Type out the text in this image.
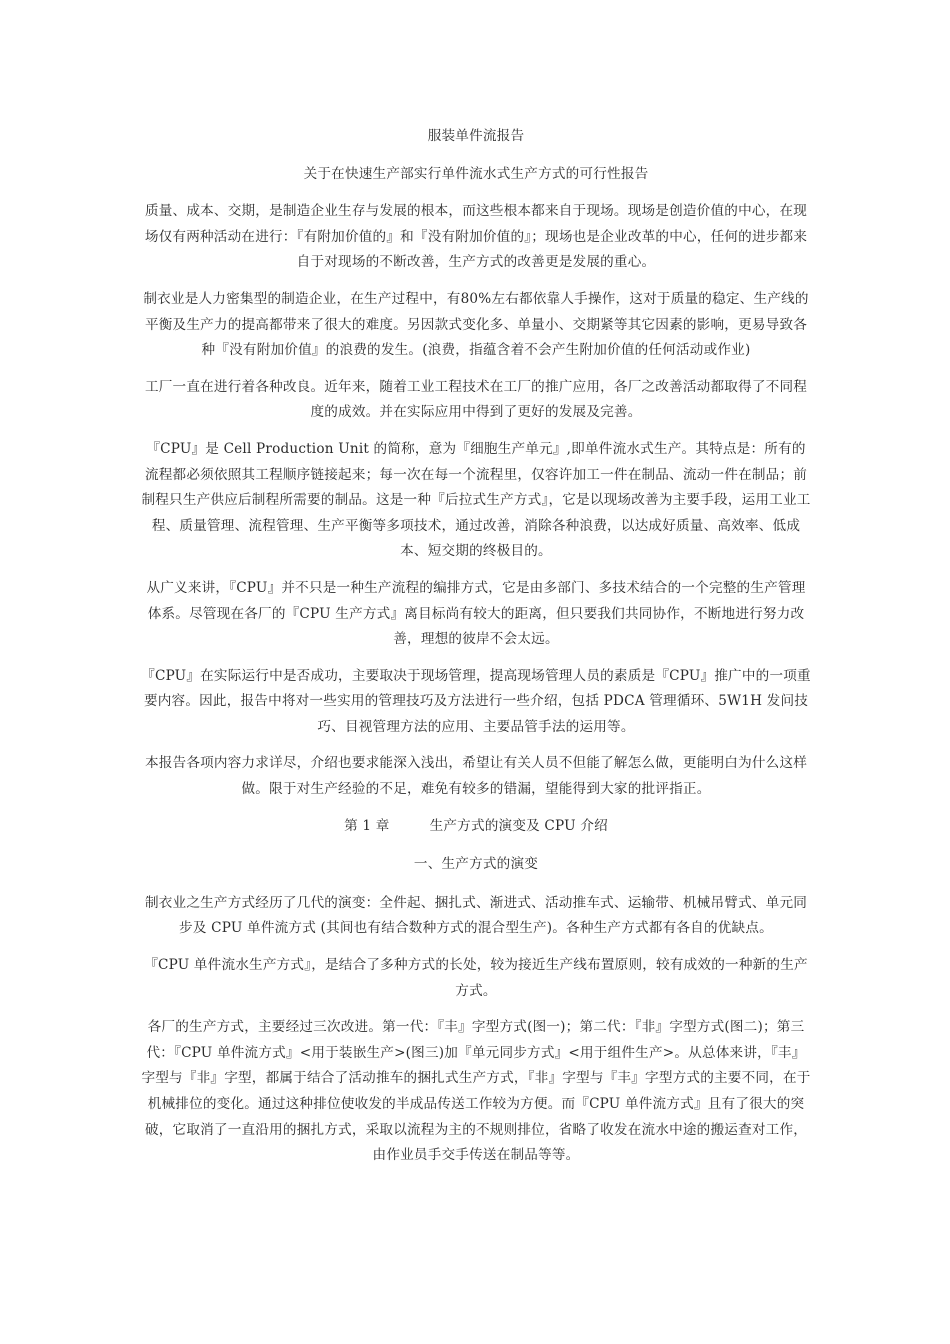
服装单件流报告
关于在快速生产部实行单件流水式生产方式的可行性报告
质量、成本、交期，是制造企业生存与发展的根本，而这些根本都来自于现场。现场是创造价值的中心，在现场仅有两种活动在进行：『有附加价值的』和『没有附加价值的』；现场也是企业改革的中心，任何的进步都来自于对现场的不断改善，生产方式的改善更是发展的重心。
制衣业是人力密集型的制造企业，在生产过程中，有80%左右都依靠人手操作，这对于质量的稳定、生产线的平衡及生产力的提高都带来了很大的难度。另因款式变化多、单量小、交期紧等其它因素的影响，更易导致各种『没有附加价值』的浪费的发生。(浪费，指蕴含着不会产生附加价值的任何活动或作业)
工厂一直在进行着各种改良。近年来，随着工业工程技术在工厂的推广应用，各厂之改善活动都取得了不同程度的成效。并在实际应用中得到了更好的发展及完善。
『CPU』是 Cell Production Unit 的简称，意为『细胞生产单元』,即单件流水式生产。其特点是：所有的流程都必须依照其工程顺序链接起来；每一次在每一个流程里，仅容许加工一件在制品、流动一件在制品；前制程只生产供应后制程所需要的制品。这是一种『后拉式生产方式』，它是以现场改善为主要手段，运用工业工程、质量管理、流程管理、生产平衡等多项技术，通过改善，消除各种浪费，以达成好质量、高效率、低成本、短交期的终极目的。
从广义来讲，『CPU』并不只是一种生产流程的编排方式，它是由多部门、多技术结合的一个完整的生产管理体系。尽管现在各厂的『CPU 生产方式』离目标尚有较大的距离，但只要我们共同协作，不断地进行努力改善，理想的彼岸不会太远。
『CPU』在实际运行中是否成功，主要取决于现场管理，提高现场管理人员的素质是『CPU』推广中的一项重要内容。因此，报告中将对一些实用的管理技巧及方法进行一些介绍，包括 PDCA 管理循环、5W1H 发问技巧、目视管理方法的应用、主要品管手法的运用等。
本报告各项内容力求详尽，介绍也要求能深入浅出，希望让有关人员不但能了解怎么做，更能明白为什么这样做。限于对生产经验的不足，难免有较多的错漏，望能得到大家的批评指正。
第 1 章	生产方式的演变及 CPU 介绍
一、生产方式的演变
制衣业之生产方式经历了几代的演变：全件起、捆扎式、渐进式、活动推车式、运输带、机械吊臂式、单元同步及 CPU 单件流方式 (其间也有结合数种方式的混合型生产)。各种生产方式都有各自的优缺点。
『CPU 单件流水生产方式』，是结合了多种方式的长处，较为接近生产线布置原则，较有成效的一种新的生产方式。
各厂的生产方式，主要经过三次改进。第一代：『丰』字型方式(图一)；第二代：『非』字型方式(图二)；第三代：『CPU 单件流方式』<用于装嵌生产>(图三)加『单元同步方式』<用于组件生产>。从总体来讲，『丰』字型与『非』字型，都属于结合了活动推车的捆扎式生产方式，『非』字型与『丰』字型方式的主要不同，在于机械排位的变化。通过这种排位使收发的半成品传送工作较为方便。而『CPU 单件流方式』且有了很大的突破，它取消了一直沿用的捆扎方式，采取以流程为主的不规则排位，省略了收发在流水中途的搬运查对工作，由作业员手交手传送在制品等等。
